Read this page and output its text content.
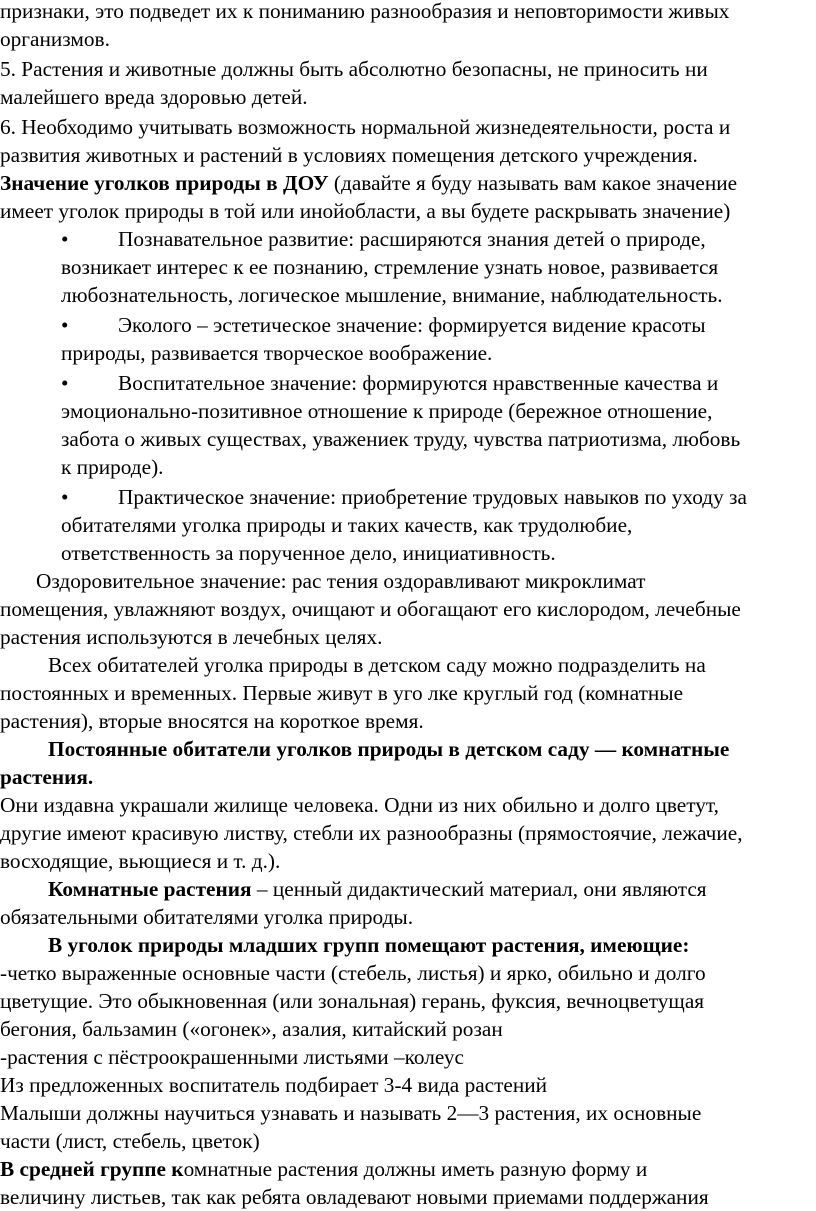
признаки, это подведет их к пониманию разнообразия и неповторимости живых
организмов.
5. Растения и животные должны быть абсолютно безопасны, не приносить ни
малейшего вреда здоровью детей.
6. Необходимо учитывать возможность нормальной жизнедеятельности, роста и
развития животных и растений в условиях помещения детского учреждения.
Значение уголков природы в ДОУ (давайте я буду называть вам какое значение
имеет уголок природы в той или инойобласти, а вы будете раскрывать значение)
• Познавательное развитие: расширяются знания детей о природе,
возникает интерес к ее познанию, стремление узнать новое, развивается
любознательность, логическое мышление, внимание, наблюдательность.
• Эколого – эстетическое значение: формируется видение красоты
природы, развивается творческое воображение.
• Воспитательное значение: формируются нравственные качества и
эмоционально-позитивное отношение к природе (бережное отношение,
забота о живых существах, уважениек труду, чувства патриотизма, любовь
к природе).
• Практическое значение: приобретение трудовых навыков по уходу за
обитателями уголка природы и таких качеств, как трудолюбие,
ответственность за порученное дело, инициативность.
Оздоровительное значение: рас тения оздоравливают микроклимат
помещения, увлажняют воздух, очищают и обогащают его кислородом, лечебные
растения используются в лечебных целях.
Всех обитателей уголка природы в детском саду можно подразделить на
постоянных и временных. Первые живут в уго лке круглый год (комнатные
растения), вторые вносятся на короткое время.
Постоянные обитатели уголков природы в детском саду — комнатные
растения.
Они издавна украшали жилище человека. Одни из них обильно и долго цветут,
другие имеют красивую листву, стебли их разнообразны (прямостоячие, лежачие,
восходящие, вьющиеся и т. д.).
Комнатные растения – ценный дидактический материал, они являются
обязательными обитателями уголка природы.
В уголок природы младших групп помещают растения, имеющие:
-четко выраженные основные части (стебель, листья) и ярко, обильно и долго
цветущие. Это обыкновенная (или зональная) герань, фуксия, вечноцветущая
бегония, бальзамин («огонек», азалия, китайский розан
-растения с пёстроокрашенными листьями –колеус
Из предложенных воспитатель подбирает 3-4 вида растений
Малыши должны научиться узнавать и называть 2—3 растения, их основные
части (лист, стебель, цветок)
В средней группе комнатные растения должны иметь разную форму и
величину листьев, так как ребята овладевают новыми приемами поддержания
